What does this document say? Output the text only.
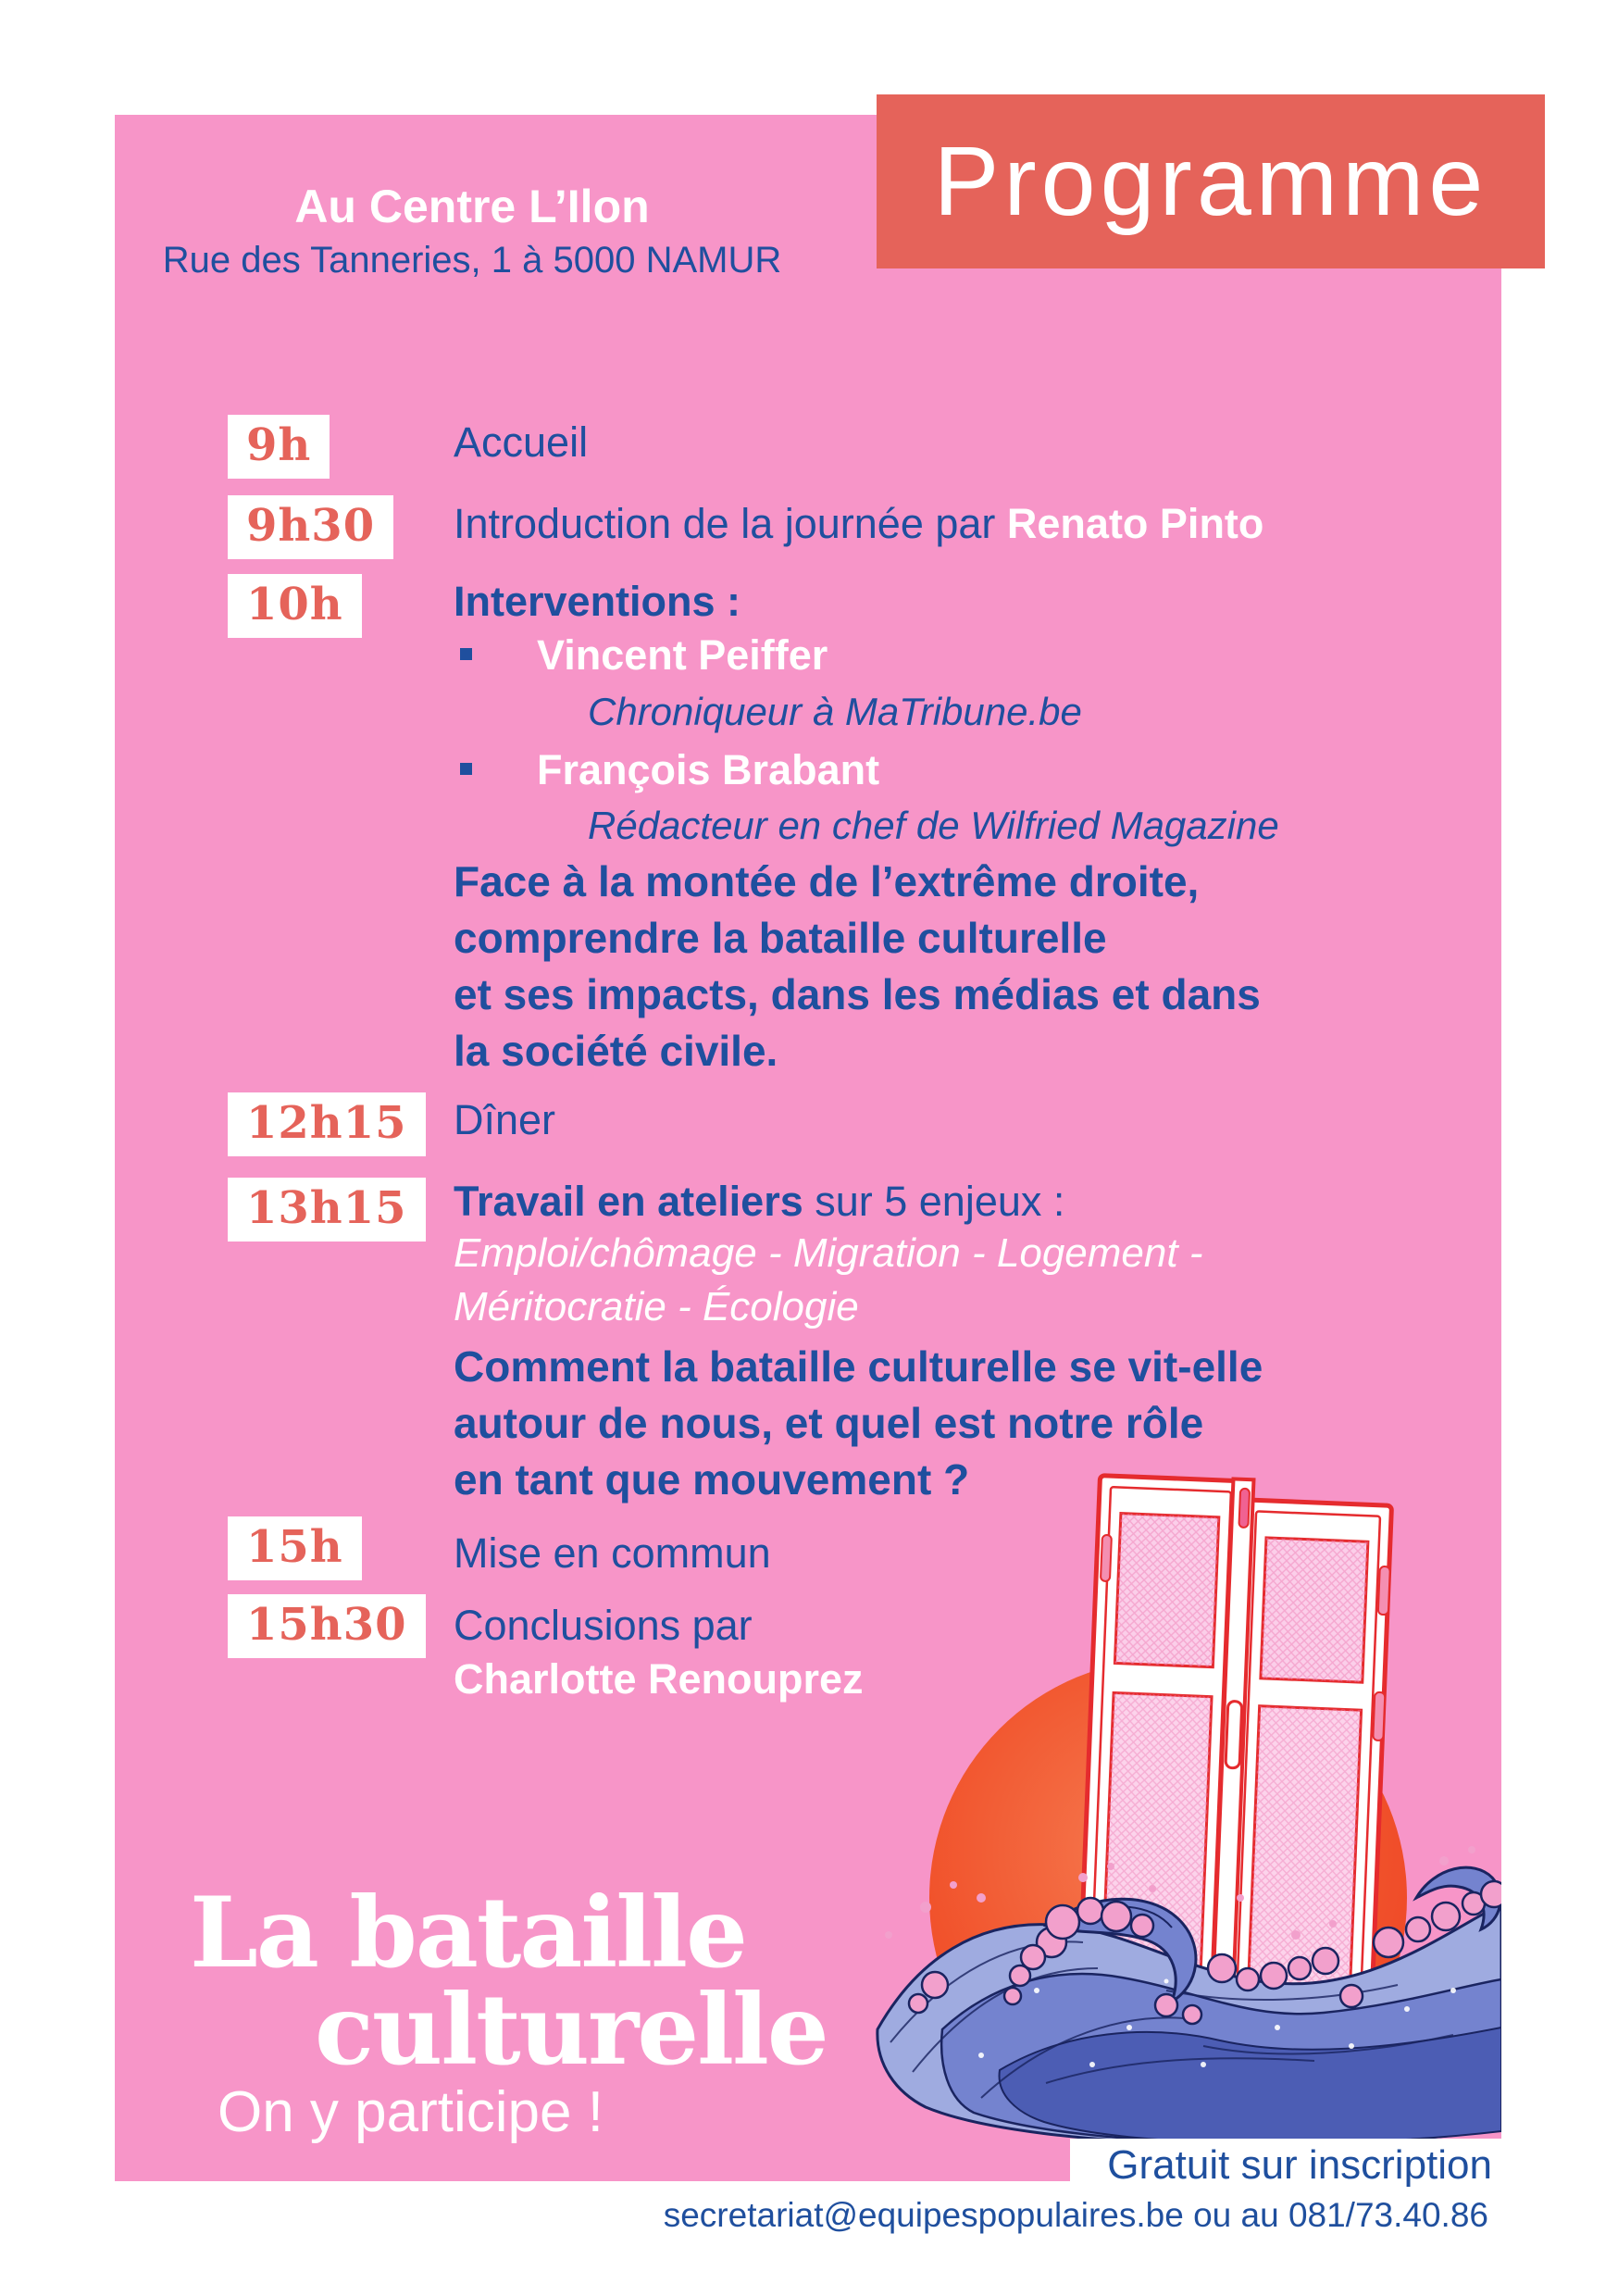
Programme
Au Centre L’Ilon
Rue des Tanneries, 1 à 5000 NAMUR
9h
9h30
10h
12h15
13h15
15h
15h30
Accueil
Introduction de la journée par Renato Pinto
Interventions :
Vincent Peiffer
Chroniqueur à MaTribune.be
François Brabant
Rédacteur en chef de Wilfried Magazine
Face à la montée de l’extrême droite,
comprendre la bataille culturelle
et ses impacts, dans les médias et dans
la société civile.
Dîner
Travail en ateliers sur 5 enjeux :
Emploi/chômage - Migration - Logement -
Méritocratie - Écologie
Comment la bataille culturelle se vit-elle
autour de nous, et quel est notre rôle
en tant que mouvement ?
Mise en commun
Conclusions par
Charlotte Renouprez
La bataille
culturelle
On y participe !
Gratuit sur inscription
secretariat@equipespopulaires.be ou au 081/73.40.86
